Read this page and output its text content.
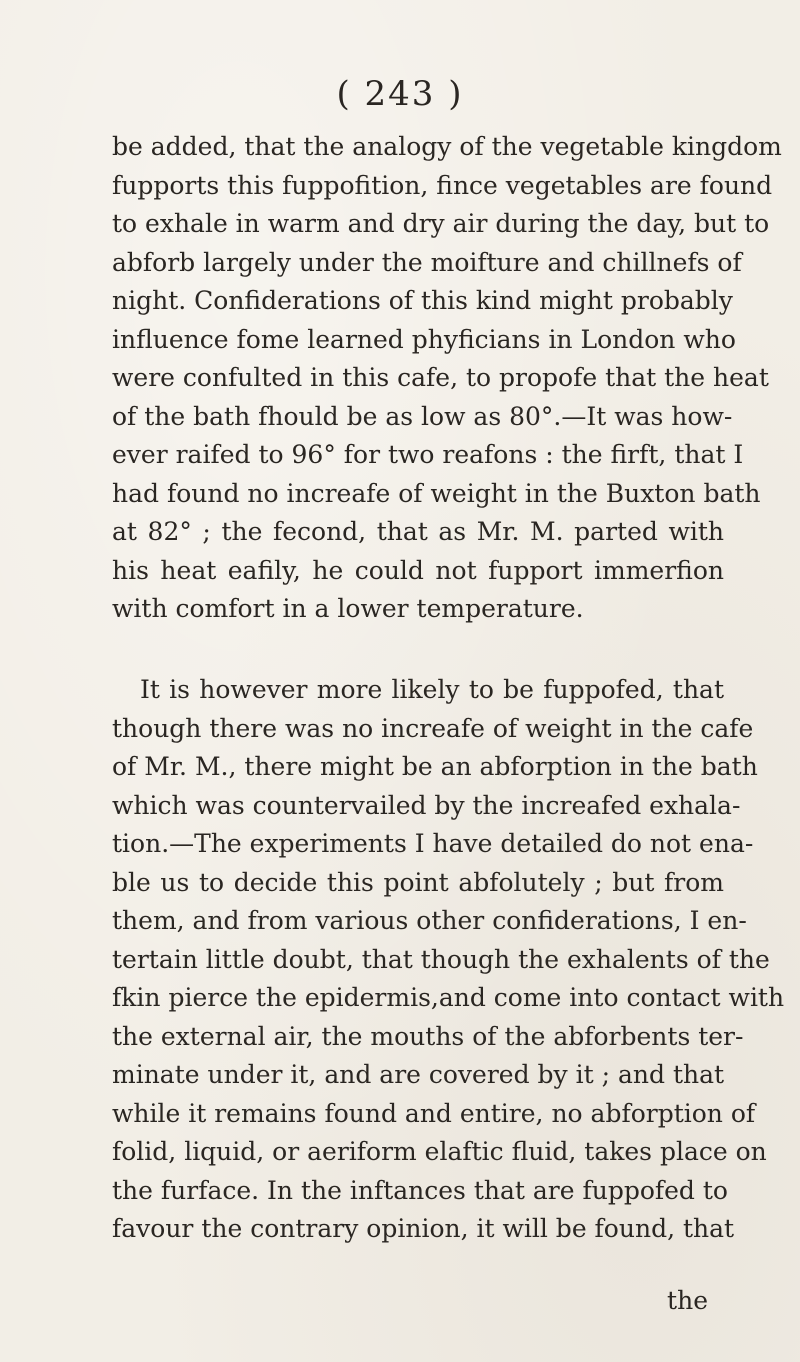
( 243 )
be added, that the analogy of the vegetable kingdom
fupports this fuppofition, fince vegetables are found
to exhale in warm and dry air during the day, but to
abforb largely under the moifture and chillnefs of
night. Confiderations of this kind might probably
influence fome learned phyficians in London who
were confulted in this cafe, to propofe that the heat
of the bath fhould be as low as 80°.—It was how-
ever raifed to 96° for two reafons : the firft, that I
had found no increafe of weight in the Buxton bath
at 82° ; the fecond, that as Mr. M. parted with
his heat eafily, he could not fupport immerfion
with comfort in a lower temperature.
It is however more likely to be fuppofed, that
though there was no increafe of weight in the cafe
of Mr. M., there might be an abforption in the bath
which was countervailed by the increafed exhala-
tion.—The experiments I have detailed do not ena-
ble us to decide this point abfolutely ; but from
them, and from various other confiderations, I en-
tertain little doubt, that though the exhalents of the
fkin pierce the epidermis,and come into contact with
the external air, the mouths of the abforbents ter-
minate under it, and are covered by it ; and that
while it remains found and entire, no abforption of
folid, liquid, or aeriform elaftic fluid, takes place on
the furface. In the inftances that are fuppofed to
favour the contrary opinion, it will be found, that
the
